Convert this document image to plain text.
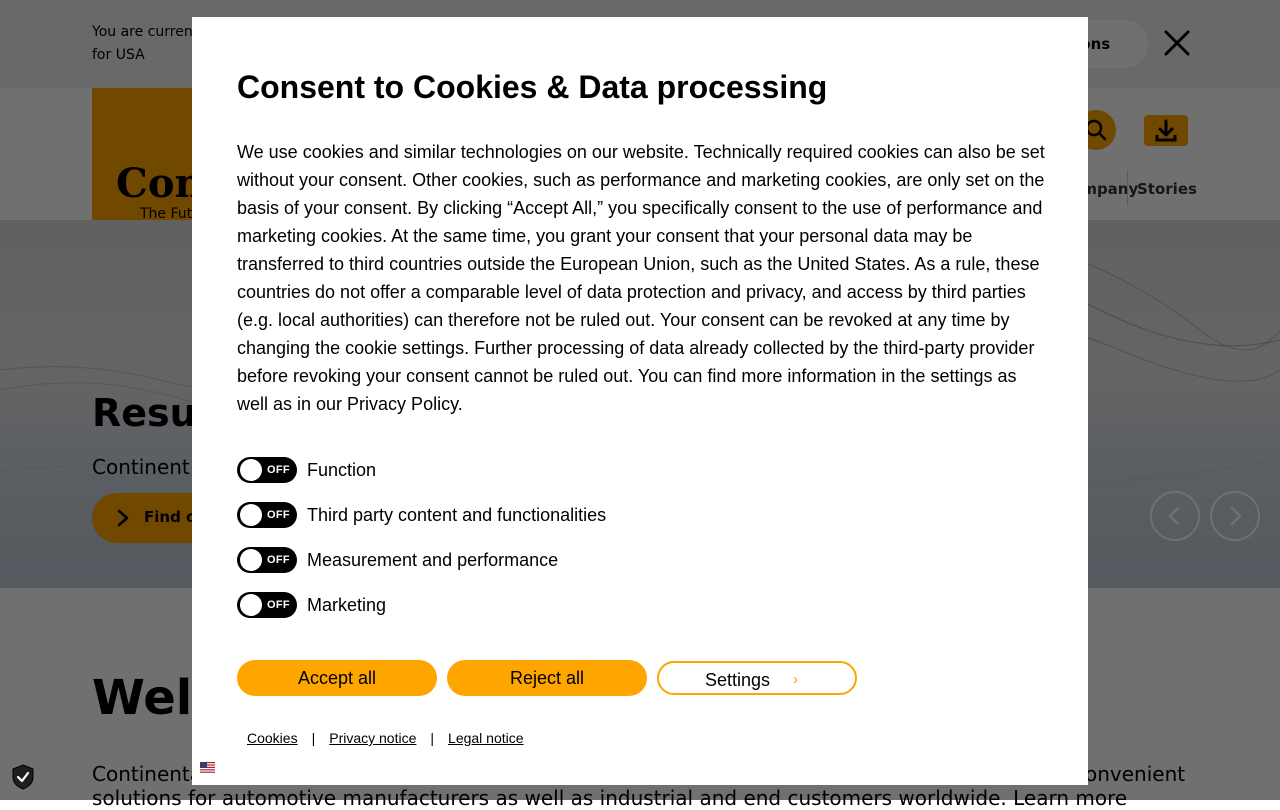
Consent to Cookies & Data processing

We use cookies and similar technologies on our website. Technically required cookies can also be set without your consent. Other cookies, such as performance and marketing cookies, are only set on the basis of your consent. By clicking “Accept All,” you specifically consent to the use of performance and marketing cookies. At the same time, you grant your consent that your personal data may be transferred to third countries outside the European Union, such as the United States. As a rule, these countries do not offer a comparable level of data protection and privacy, and access by third parties (e.g. local authorities) can therefore not be ruled out. Your consent can be revoked at any time by changing the cookie settings. Further processing of data already collected by the third-party provider before revoking your consent cannot be ruled out. You can find more information in the settings as well as in our Privacy Policy.

OFF Function
OFF Third party content and functionalities
OFF Measurement and performance
OFF Marketing
Accept all	Reject all	Settings ›
Cookies | Privacy notice | Legal notice
